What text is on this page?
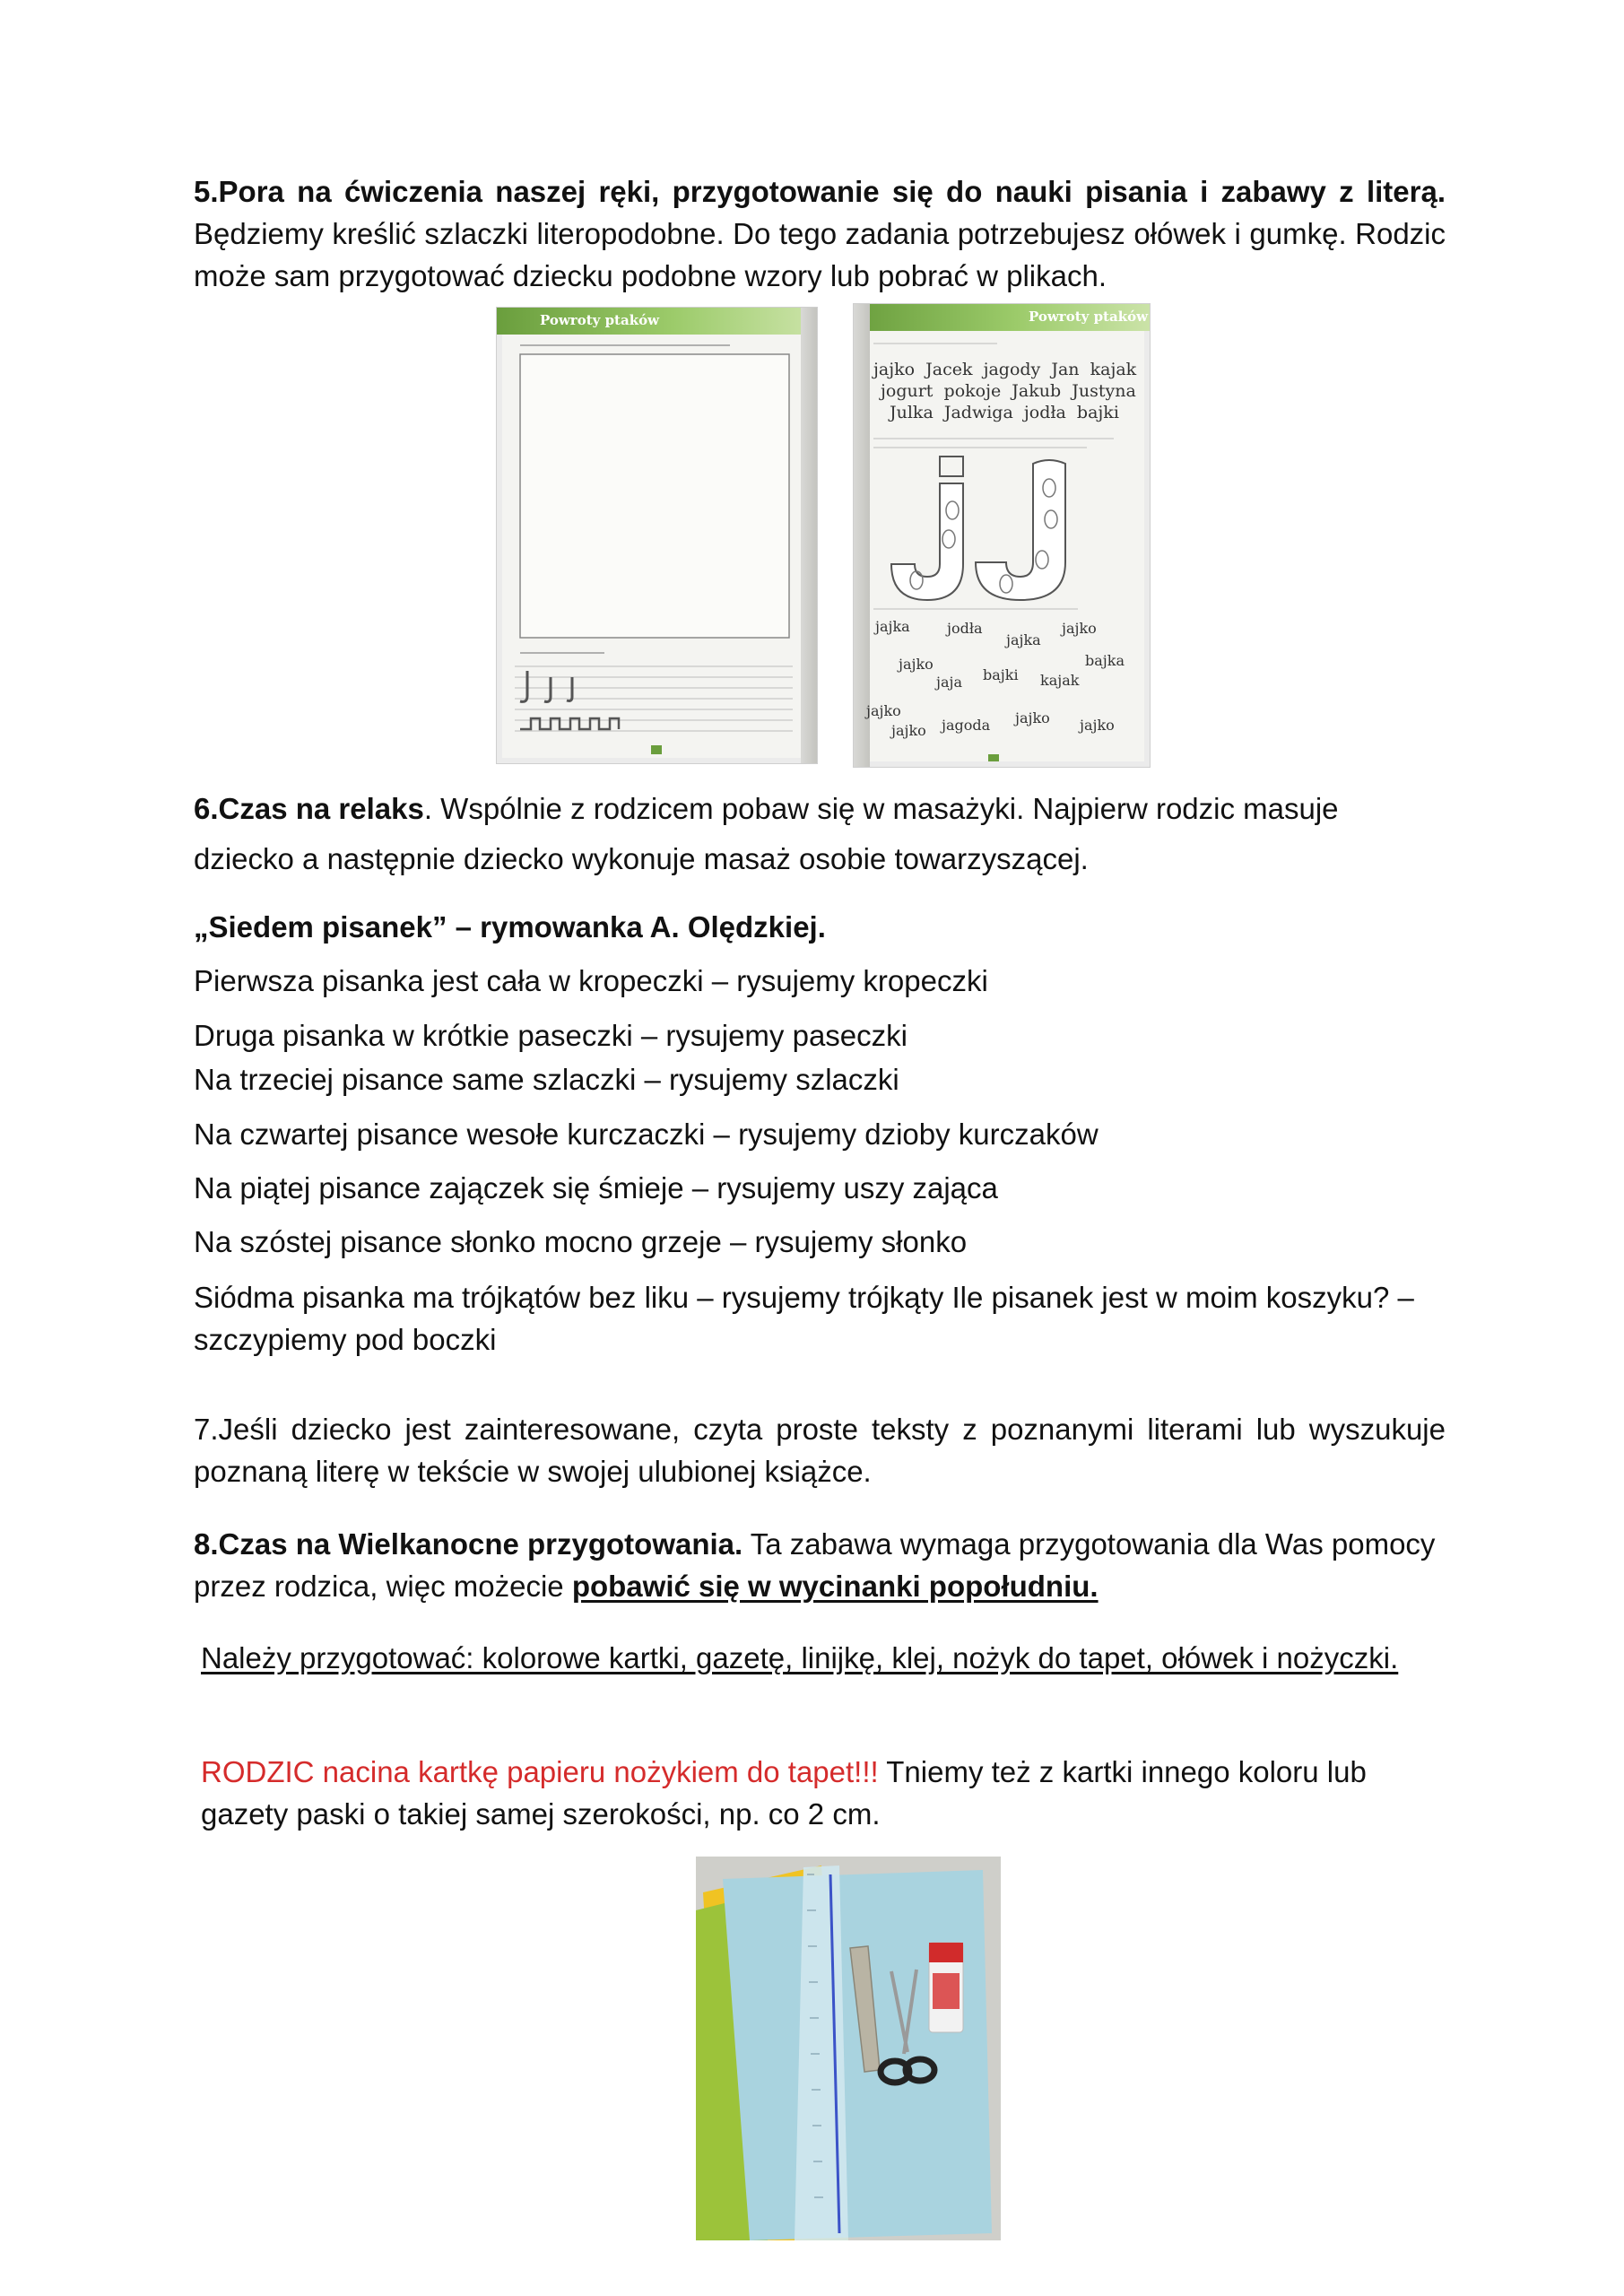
5.Pora na ćwiczenia naszej ręki, przygotowanie się do nauki pisania i zabawy z literą. Będziemy kreślić szlaczki literopodobne. Do tego zadania potrzebujesz ołówek i gumkę. Rodzic może sam przygotować dziecku podobne wzory lub pobrać w plikach.

Powroty ptaków	Powroty ptaków
jajko  Jacek  jagody  Jan  kajak
jogurt  pokoje  Jakub  Justyna
Julka  Jadwiga  jodła  bajki
jajka	jodła
jajka
jajko
bajka
jajko
jaja bajki kajak
jajko
jajko jagoda jajko jajko

6.Czas na relaks. Wspólnie z rodzicem pobaw się w masażyki. Najpierw rodzic masuje
dziecko a następnie dziecko wykonuje masaż osobie towarzyszącej.

„Siedem pisanek” – rymowanka A. Olędzkiej.

Pierwsza pisanka jest cała w kropeczki – rysujemy kropeczki
Druga pisanka w krótkie paseczki – rysujemy paseczki
Na trzeciej pisance same szlaczki – rysujemy szlaczki
Na czwartej pisance wesołe kurczaczki – rysujemy dzioby kurczaków
Na piątej pisance zajączek się śmieje – rysujemy uszy zająca
Na szóstej pisance słonko mocno grzeje – rysujemy słonko
Siódma pisanka ma trójkątów bez liku – rysujemy trójkąty Ile pisanek jest w moim koszyku? – szczypiemy pod boczki

7.Jeśli dziecko jest zainteresowane, czyta proste teksty z poznanymi literami lub wyszukuje poznaną literę w tekście w swojej ulubionej książce.

8.Czas na Wielkanocne przygotowania. Ta zabawa wymaga przygotowania dla Was pomocy przez rodzica, więc możecie pobawić się w wycinanki popołudniu.

Należy przygotować: kolorowe kartki, gazetę, linijkę, klej, nożyk do tapet, ołówek i nożyczki.

RODZIC nacina kartkę papieru nożykiem do tapet!!! Tniemy też z kartki innego koloru lub gazety paski o takiej samej szerokości, np. co 2 cm.
